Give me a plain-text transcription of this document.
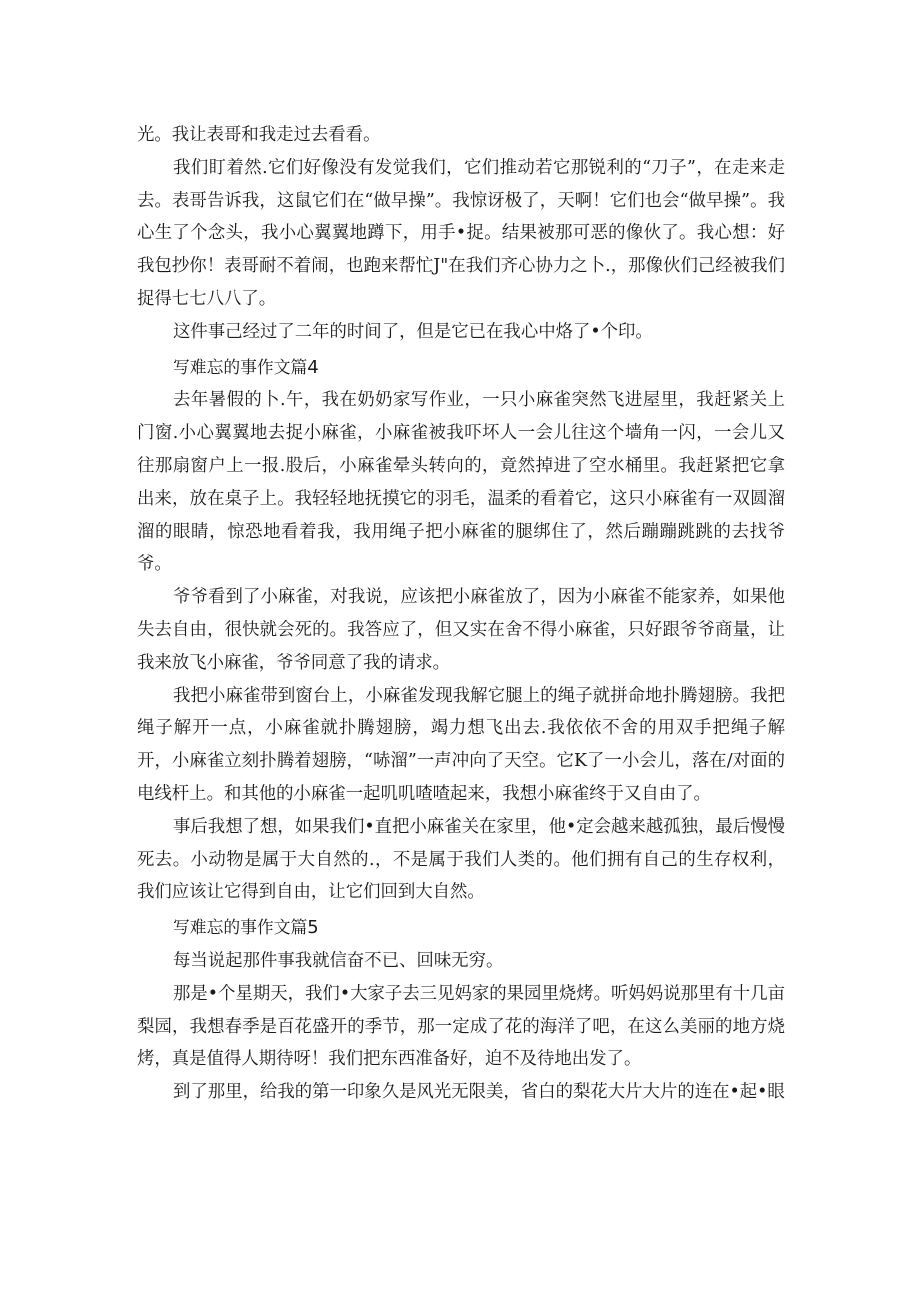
光。我让表哥和我走过去看看。

我们盯着然.它们好像没有发觉我们，它们推动若它那锐利的“刀子”，在走来走去。表哥告诉我，这鼠它们在“做早操”。我惊讶极了，天啊！它们也会“做早操”。我心生了个念头，我小心翼翼地蹲下，用手•捉。结果被那可恶的像伙了。我心想：好我包抄你！表哥耐不着闹，也跑来帮忙J"在我们齐心协力之卜.，那像伙们己经被我们捉得七七八八了。

这件事己经过了二年的时间了，但是它已在我心中烙了•个印。

写难忘的事作文篇4

去年暑假的卜.午，我在奶奶家写作业，一只小麻雀突然飞进屋里，我赶紧关上门窗.小心翼翼地去捉小麻雀，小麻雀被我吓坏人一会儿往这个墙角一闪，一会儿又往那扇窗户上一报.股后，小麻雀晕头转向的，竟然掉进了空水桶里。我赶紧把它拿出来，放在桌子上。我轻轻地抚摸它的羽毛，温柔的看着它，这只小麻雀有一双圆溜溜的眼睛，惊恐地看着我，我用绳子把小麻雀的腿绑住了，然后蹦蹦跳跳的去找爷爷。

爷爷看到了小麻雀，对我说，应该把小麻雀放了，因为小麻雀不能家养，如果他失去自由，很快就会死的。我答应了，但又实在舍不得小麻雀，只好跟爷爷商量，让我来放飞小麻雀，爷爷同意了我的请求。

我把小麻雀带到窗台上，小麻雀发现我解它腿上的绳子就拼命地扑腾翅膀。我把绳子解开一点，小麻雀就扑腾翅膀，竭力想飞出去.我依依不舍的用双手把绳子解开，小麻雀立刻扑腾着翅膀，“哧溜”一声冲向了天空。它K了一小会儿，落在/对面的电线杆上。和其他的小麻雀一起叽叽喳喳起来，我想小麻雀终于又自由了。

事后我想了想，如果我们•直把小麻雀关在家里，他•定会越来越孤独，最后慢慢死去。小动物是属于大自然的.，不是属于我们人类的。他们拥有自己的生存权利，我们应该让它得到自由，让它们回到大自然。

写难忘的事作文篇5

每当说起那件事我就信奋不已、回味无穷。

那是•个星期天，我们•大家子去三见妈家的果园里烧烤。听妈妈说那里有十几亩梨园，我想春季是百花盛开的季节，那一定成了花的海洋了吧，在这么美丽的地方烧烤，真是值得人期待呀！我们把东西准备好，迫不及待地出发了。

到了那里，给我的第一印象久是风光无限美，省白的梨花大片大片的连在•起•眼
